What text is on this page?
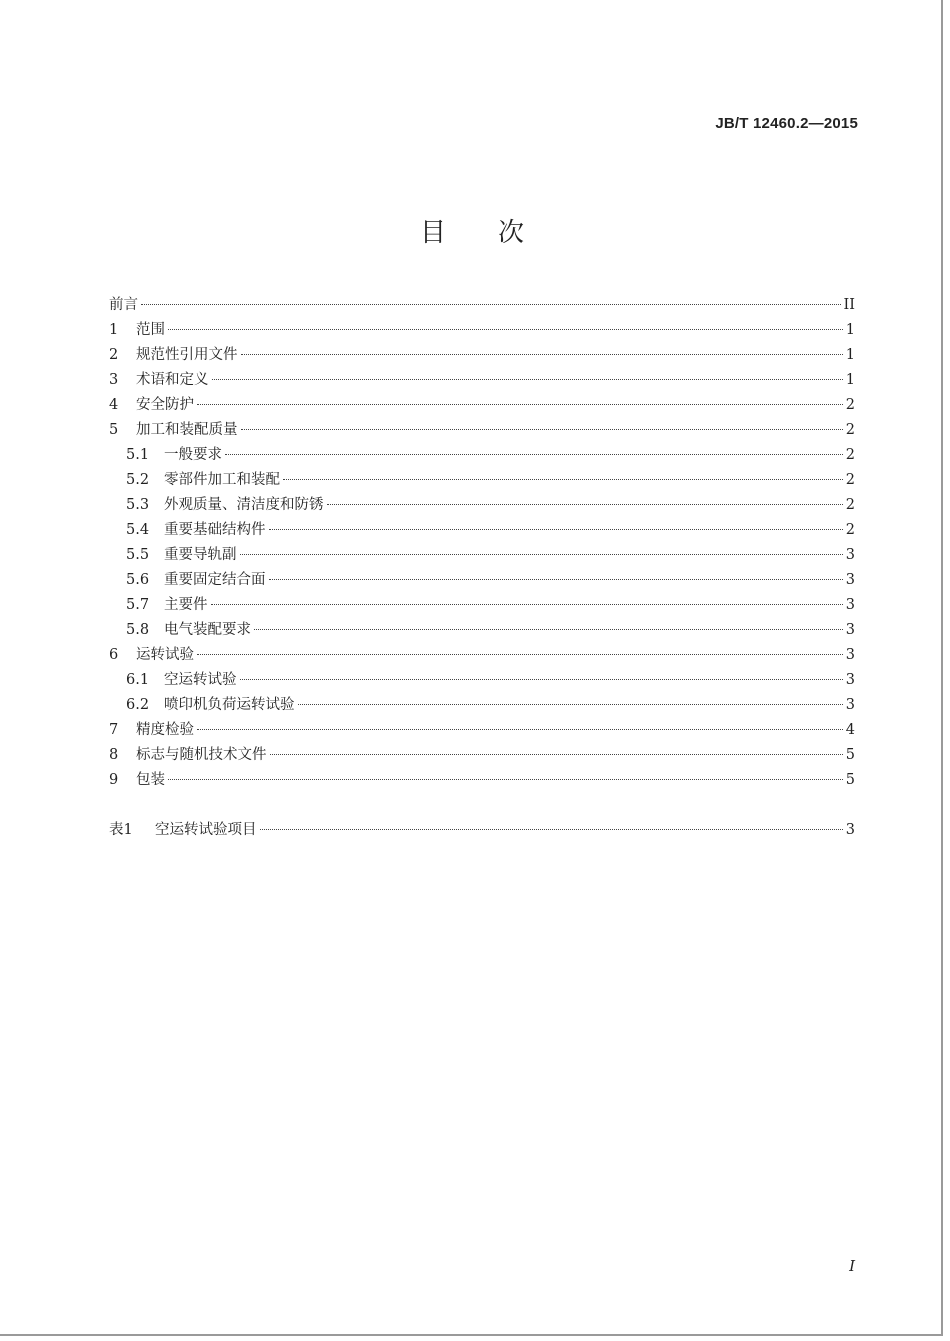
JB/T 12460.2—2015
目次
前言	II
1	范围	1
2	规范性引用文件	1
3	术语和定义	1
4	安全防护	2
5	加工和装配质量	2
5.1	一般要求	2
5.2	零部件加工和装配	2
5.3	外观质量、清洁度和防锈	2
5.4	重要基础结构件	2
5.5	重要导轨副	3
5.6	重要固定结合面	3
5.7	主要件	3
5.8	电气装配要求	3
6	运转试验	3
6.1	空运转试验	3
6.2	喷印机负荷运转试验	3
7	精度检验	4
8	标志与随机技术文件	5
9	包装	5
表1	空运转试验项目	3
I
